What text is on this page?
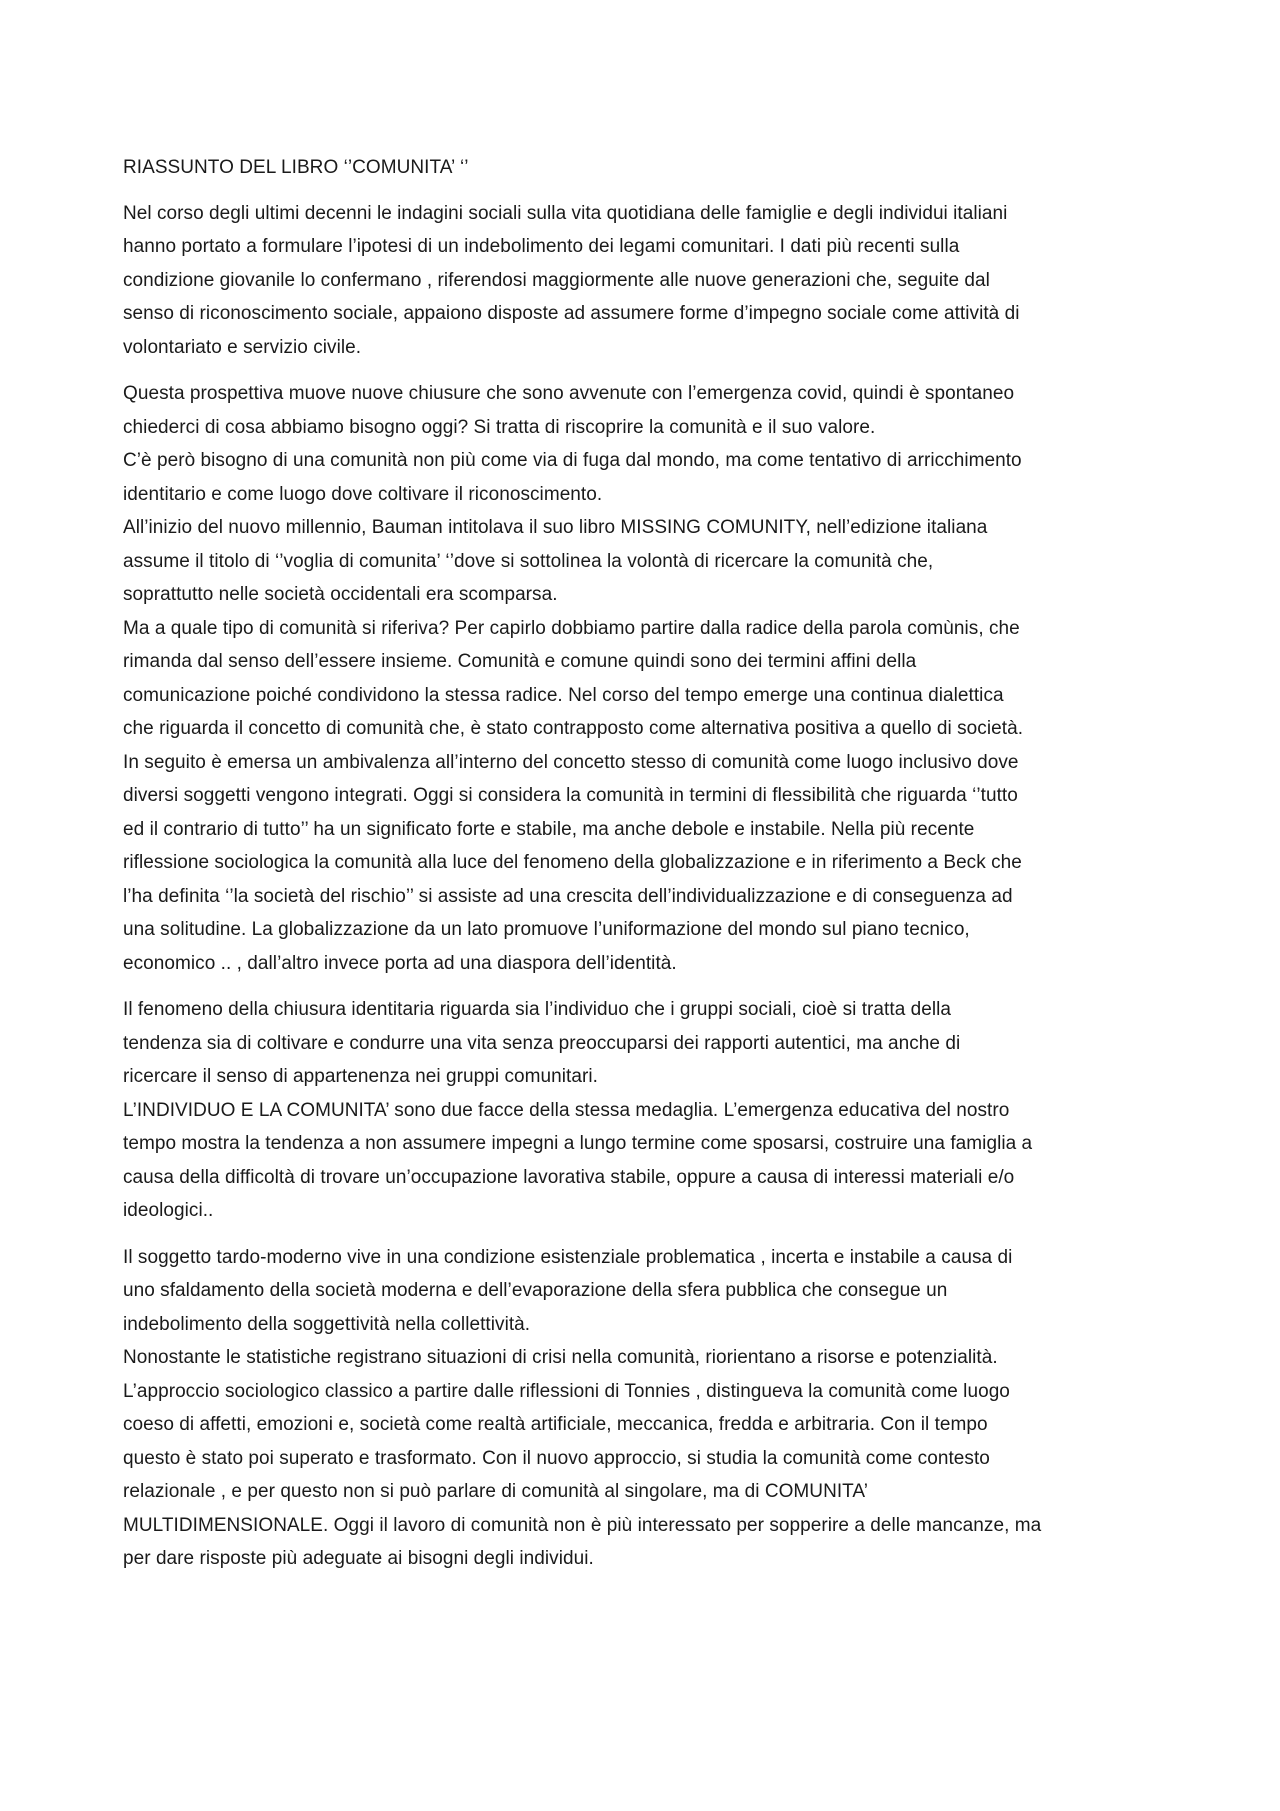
RIASSUNTO DEL LIBRO ‘’COMUNITA’ ‘’
Nel corso degli ultimi decenni le indagini sociali sulla vita quotidiana delle famiglie e degli individui italiani
hanno portato a formulare l’ipotesi di un indebolimento dei legami comunitari. I dati più recenti sulla
condizione giovanile lo confermano , riferendosi maggiormente alle nuove generazioni che, seguite dal
senso di riconoscimento sociale, appaiono disposte ad assumere forme d’impegno sociale come attività di
volontariato e servizio civile.
Questa prospettiva muove nuove chiusure che sono avvenute con l’emergenza covid, quindi è spontaneo
chiederci di cosa abbiamo bisogno oggi? Si tratta di riscoprire la comunità e il suo valore.
C’è però bisogno di una comunità non più come via di fuga dal mondo, ma come tentativo di arricchimento
identitario e come luogo dove coltivare il riconoscimento.
All’inizio del nuovo millennio, Bauman intitolava il suo libro MISSING COMUNITY, nell’edizione italiana
assume il titolo di ‘’voglia di comunita’ ‘’dove si sottolinea la volontà di ricercare la comunità che,
soprattutto nelle società occidentali era scomparsa.
Ma a quale tipo di comunità si riferiva? Per capirlo dobbiamo partire dalla radice della parola comùnis, che
rimanda dal senso dell’essere insieme. Comunità e comune quindi sono dei termini affini della
comunicazione poiché condividono la stessa radice. Nel corso del tempo emerge una continua dialettica
che riguarda il concetto di comunità che, è stato contrapposto come alternativa positiva a quello di società.
In seguito è emersa un ambivalenza all’interno del concetto stesso di comunità come luogo inclusivo dove
diversi soggetti vengono integrati. Oggi si considera la comunità in termini di flessibilità che riguarda ‘’tutto
ed il contrario di tutto’’ ha un significato forte e stabile, ma anche debole e instabile. Nella più recente
riflessione sociologica la comunità alla luce del fenomeno della globalizzazione e in riferimento a Beck che
l’ha definita ‘’la società del rischio’’ si assiste ad una crescita dell’individualizzazione e di conseguenza ad
una solitudine. La globalizzazione da un lato promuove l’uniformazione del mondo sul piano tecnico,
economico .. , dall’altro invece porta ad una diaspora dell’identità.
Il fenomeno della chiusura identitaria riguarda sia l’individuo che i gruppi sociali, cioè si tratta della
tendenza sia di coltivare e condurre una vita senza preoccuparsi dei rapporti autentici, ma anche di
ricercare il senso di appartenenza nei gruppi comunitari.
L’INDIVIDUO E LA COMUNITA’ sono due facce della stessa medaglia. L’emergenza educativa del nostro
tempo mostra la tendenza a non assumere impegni a lungo termine come sposarsi, costruire una famiglia a
causa della difficoltà di trovare un’occupazione lavorativa stabile, oppure a causa di interessi materiali e/o
ideologici..
Il soggetto tardo-moderno vive in una condizione esistenziale problematica , incerta e instabile a causa di
uno sfaldamento della società moderna e dell’evaporazione della sfera pubblica che consegue un
indebolimento della soggettività nella collettività.
Nonostante le statistiche registrano situazioni di crisi nella comunità, riorientano a risorse e potenzialità.
L’approccio sociologico classico a partire dalle riflessioni di Tonnies , distingueva la comunità come luogo
coeso di affetti, emozioni e, società come realtà artificiale, meccanica, fredda e arbitraria. Con il tempo
questo è stato poi superato e trasformato. Con il nuovo approccio, si studia la comunità come contesto
relazionale , e per questo non si può parlare di comunità al singolare, ma di COMUNITA’
MULTIDIMENSIONALE. Oggi il lavoro di comunità non è più interessato per sopperire a delle mancanze, ma
per dare risposte più adeguate ai bisogni degli individui.
